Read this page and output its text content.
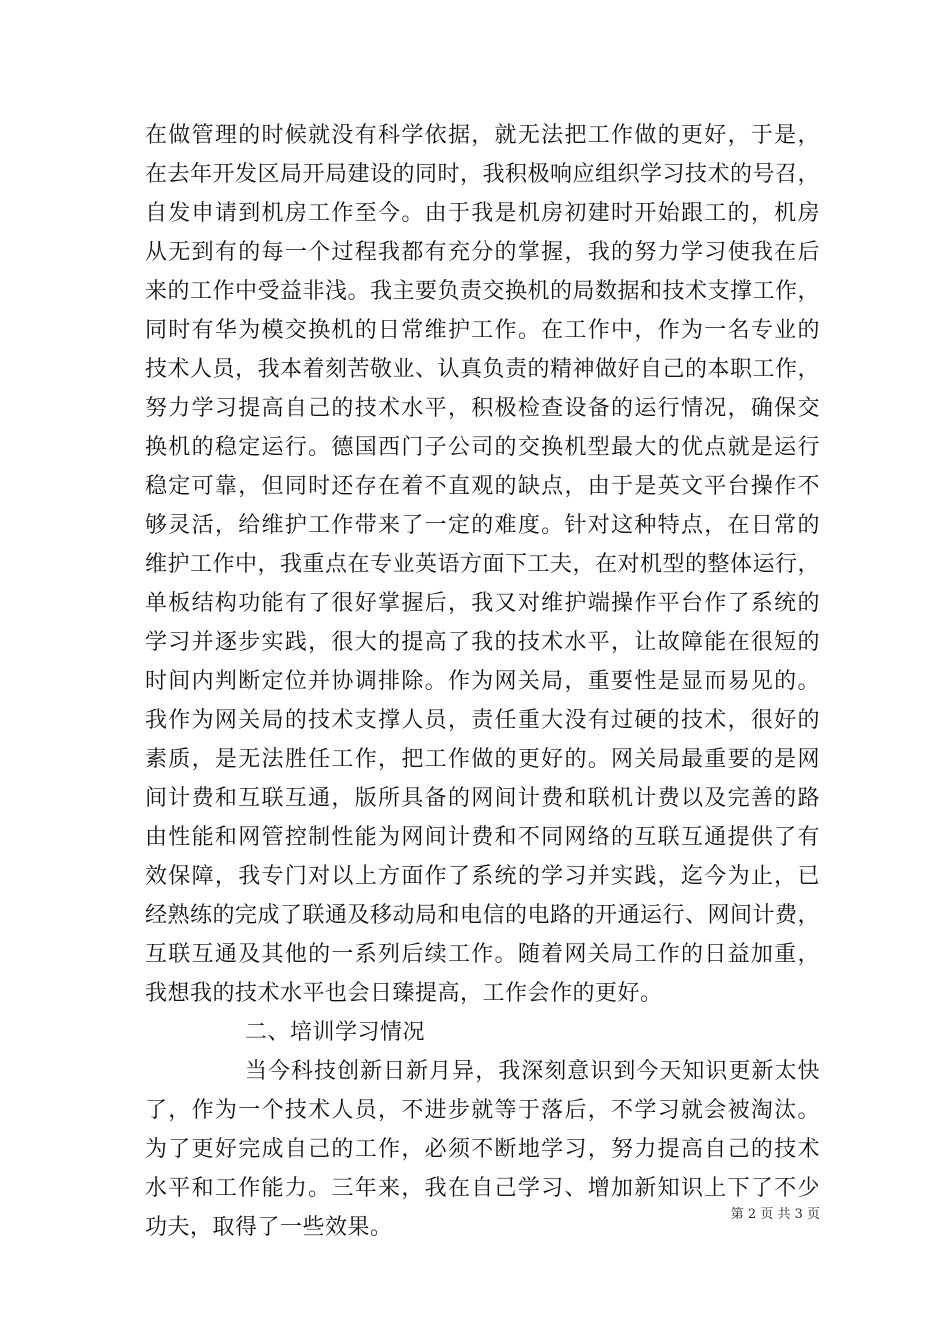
在做管理的时候就没有科学依据，就无法把工作做的更好，于是，
在去年开发区局开局建设的同时，我积极响应组织学习技术的号召，
自发申请到机房工作至今。由于我是机房初建时开始跟工的，机房
从无到有的每一个过程我都有充分的掌握，我的努力学习使我在后
来的工作中受益非浅。我主要负责交换机的局数据和技术支撑工作，
同时有华为模交换机的日常维护工作。在工作中，作为一名专业的
技术人员，我本着刻苦敬业、认真负责的精神做好自己的本职工作，
努力学习提高自己的技术水平，积极检查设备的运行情况，确保交
换机的稳定运行。德国西门子公司的交换机型最大的优点就是运行
稳定可靠，但同时还存在着不直观的缺点，由于是英文平台操作不
够灵活，给维护工作带来了一定的难度。针对这种特点，在日常的
维护工作中，我重点在专业英语方面下工夫，在对机型的整体运行，
单板结构功能有了很好掌握后，我又对维护端操作平台作了系统的
学习并逐步实践，很大的提高了我的技术水平，让故障能在很短的
时间内判断定位并协调排除。作为网关局，重要性是显而易见的。
我作为网关局的技术支撑人员，责任重大没有过硬的技术，很好的
素质，是无法胜任工作，把工作做的更好的。网关局最重要的是网
间计费和互联互通，版所具备的网间计费和联机计费以及完善的路
由性能和网管控制性能为网间计费和不同网络的互联互通提供了有
效保障，我专门对以上方面作了系统的学习并实践，迄今为止，已
经熟练的完成了联通及移动局和电信的电路的开通运行、网间计费，
互联互通及其他的一系列后续工作。随着网关局工作的日益加重，
我想我的技术水平也会日臻提高，工作会作的更好。
二、培训学习情况
当今科技创新日新月异，我深刻意识到今天知识更新太快
了，作为一个技术人员，不进步就等于落后，不学习就会被淘汰。
为了更好完成自己的工作，必须不断地学习，努力提高自己的技术
水平和工作能力。三年来，我在自己学习、增加新知识上下了不少
功夫，取得了一些效果。
第 2 页 共 3 页
